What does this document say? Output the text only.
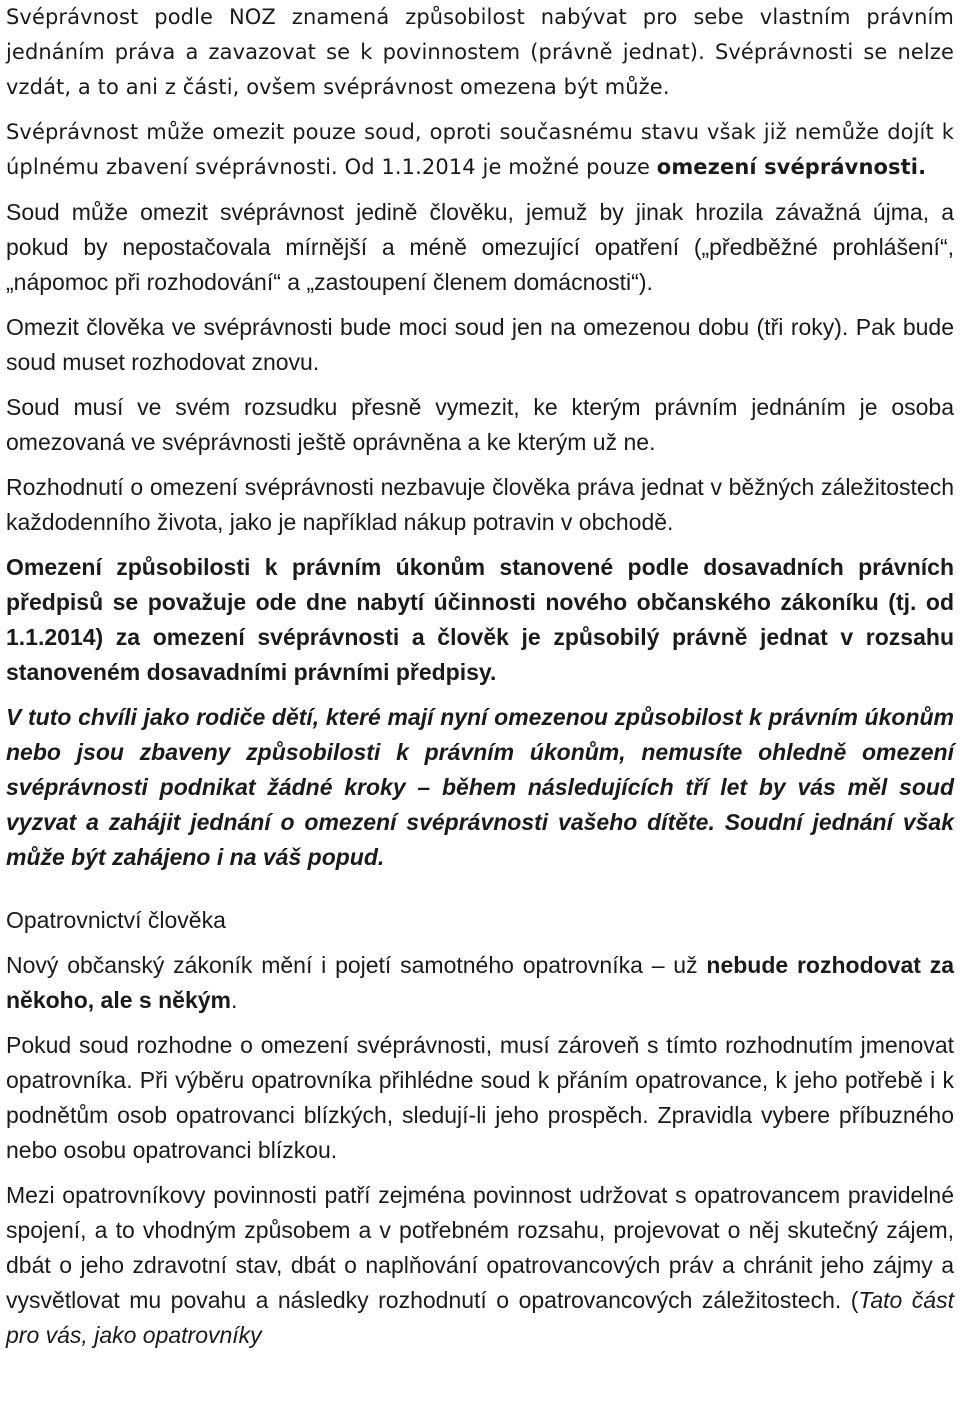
Svéprávnost podle NOZ znamená způsobilost nabývat pro sebe vlastním právním jednáním práva a zavazovat se k povinnostem (právně jednat). Svéprávnosti se nelze vzdát, a to ani z části, ovšem svéprávnost omezena být může.

Svéprávnost může omezit pouze soud, oproti současnému stavu však již nemůže dojít k úplnému zbavení svéprávnosti. Od 1.1.2014 je možné pouze omezení svéprávnosti.

Soud může omezit svéprávnost jedině člověku, jemuž by jinak hrozila závažná újma, a pokud by nepostačovala mírnější a méně omezující opatření („předběžné prohlášení“, „nápomoc při rozhodování“ a „zastoupení členem domácnosti“).

Omezit člověka ve svéprávnosti bude moci soud jen na omezenou dobu (tři roky). Pak bude soud muset rozhodovat znovu.

Soud musí ve svém rozsudku přesně vymezit, ke kterým právním jednáním je osoba omezovaná ve svéprávnosti ještě oprávněna a ke kterým už ne.

Rozhodnutí o omezení svéprávnosti nezbavuje člověka práva jednat v běžných záležitostech každodenního života, jako je například nákup potravin v obchodě.

Omezení způsobilosti k právním úkonům stanovené podle dosavadních právních předpisů se považuje ode dne nabytí účinnosti nového občanského zákoníku (tj. od 1.1.2014) za omezení svéprávnosti a člověk je způsobilý právně jednat v rozsahu stanoveném dosavadními právními předpisy.

V tuto chvíli jako rodiče dětí, které mají nyní omezenou způsobilost k právním úkonům nebo jsou zbaveny způsobilosti k právním úkonům, nemusíte ohledně omezení svéprávnosti podnikat žádné kroky – během následujících tří let by vás měl soud vyzvat a zahájit jednání o omezení svéprávnosti vašeho dítěte. Soudní jednání však může být zahájeno i na váš popud.

Opatrovnictví člověka

Nový občanský zákoník mění i pojetí samotného opatrovníka – už nebude rozhodovat za někoho, ale s někým.

Pokud soud rozhodne o omezení svéprávnosti, musí zároveň s tímto rozhodnutím jmenovat opatrovníka. Při výběru opatrovníka přihlédne soud k přáním opatrovance, k jeho potřebě i k podnětům osob opatrovanci blízkých, sledují-li jeho prospěch. Zpravidla vybere příbuzného nebo osobu opatrovanci blízkou.

Mezi opatrovníkovy povinnosti patří zejména povinnost udržovat s opatrovancem pravidelné spojení, a to vhodným způsobem a v potřebném rozsahu, projevovat o něj skutečný zájem, dbát o jeho zdravotní stav, dbát o naplňování opatrovancových práv a chránit jeho zájmy a vysvětlovat mu povahu a následky rozhodnutí o opatrovancových záležitostech. (Tato část pro vás, jako opatrovníky
